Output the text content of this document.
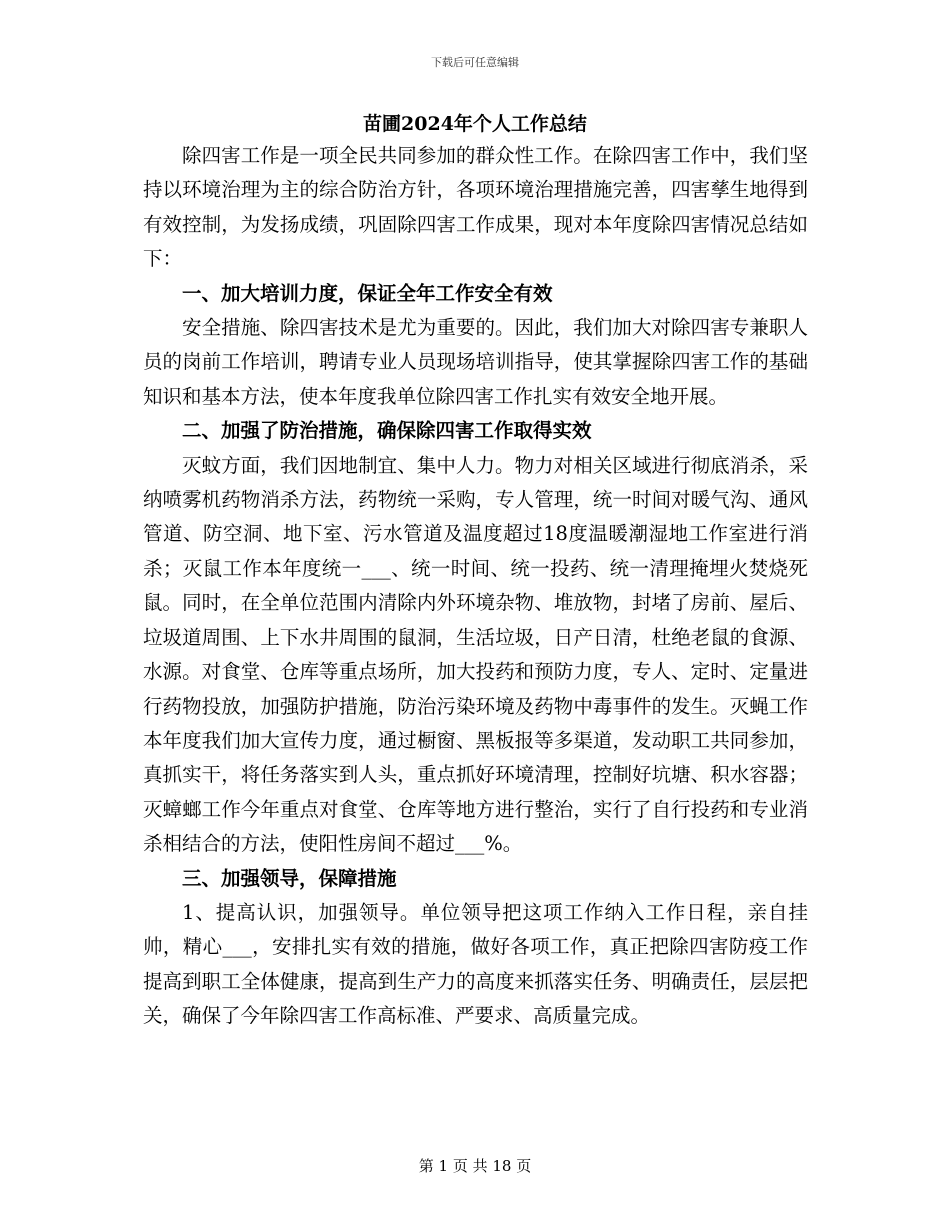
下载后可任意编辑
苗圃2024年个人工作总结

除四害工作是一项全民共同参加的群众性工作。在除四害工作中，我们坚持以环境治理为主的综合防治方针，各项环境治理措施完善，四害孳生地得到有效控制，为发扬成绩，巩固除四害工作成果，现对本年度除四害情况总结如下：

一、加大培训力度，保证全年工作安全有效

安全措施、除四害技术是尤为重要的。因此，我们加大对除四害专兼职人员的岗前工作培训，聘请专业人员现场培训指导，使其掌握除四害工作的基础知识和基本方法，使本年度我单位除四害工作扎实有效安全地开展。

二、加强了防治措施，确保除四害工作取得实效

灭蚊方面，我们因地制宜、集中人力。物力对相关区域进行彻底消杀，采纳喷雾机药物消杀方法，药物统一采购，专人管理，统一时间对暖气沟、通风管道、防空洞、地下室、污水管道及温度超过18度温暖潮湿地工作室进行消杀；灭鼠工作本年度统一___、统一时间、统一投药、统一清理掩埋火焚烧死鼠。同时，在全单位范围内清除内外环境杂物、堆放物，封堵了房前、屋后、垃圾道周围、上下水井周围的鼠洞，生活垃圾，日产日清，杜绝老鼠的食源、水源。对食堂、仓库等重点场所，加大投药和预防力度，专人、定时、定量进行药物投放，加强防护措施，防治污染环境及药物中毒事件的发生。灭蝇工作本年度我们加大宣传力度，通过橱窗、黑板报等多渠道，发动职工共同参加，真抓实干，将任务落实到人头，重点抓好环境清理，控制好坑塘、积水容器；灭蟑螂工作今年重点对食堂、仓库等地方进行整治，实行了自行投药和专业消杀相结合的方法，使阳性房间不超过___%。

三、加强领导，保障措施

1、提高认识，加强领导。单位领导把这项工作纳入工作日程，亲自挂帅，精心___，安排扎实有效的措施，做好各项工作，真正把除四害防疫工作提高到职工全体健康，提高到生产力的高度来抓落实任务、明确责任，层层把关，确保了今年除四害工作高标准、严要求、高质量完成。

第 1 页 共 18 页
